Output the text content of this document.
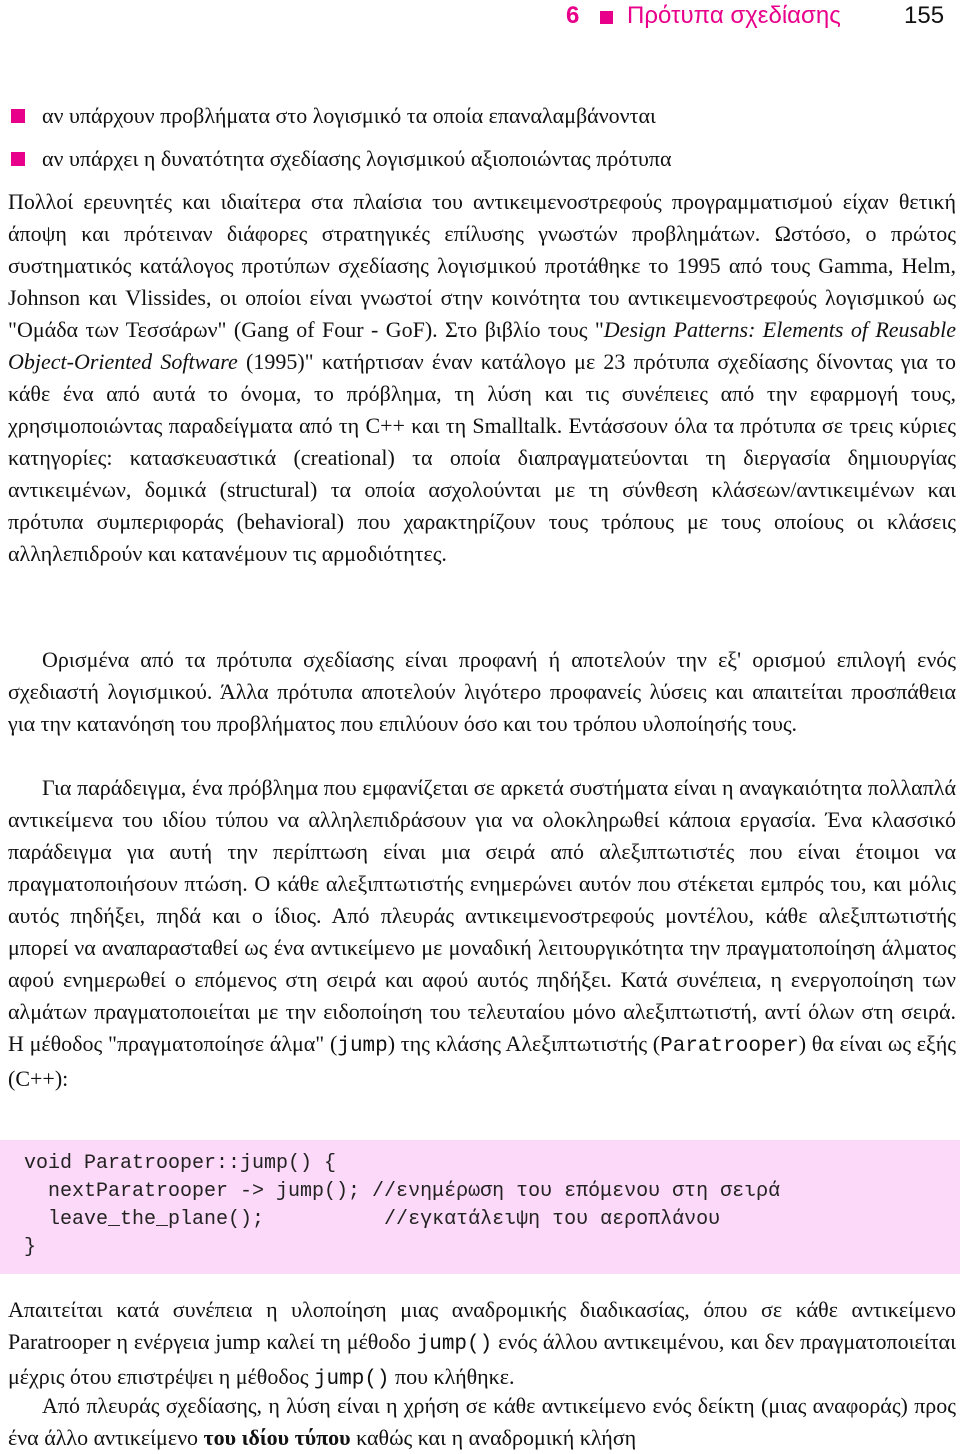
6 Πρότυπα σχεδίασης	155
αν υπάρχουν προβλήματα στο λογισμικό τα οποία επαναλαμβάνονται
αν υπάρχει η δυνατότητα σχεδίασης λογισμικού αξιοποιώντας πρότυπα

Πολλοί ερευνητές και ιδιαίτερα στα πλαίσια του αντικειμενοστρεφούς προγραμματισμού είχαν θετική άποψη και πρότειναν διάφορες στρατηγικές επίλυσης γνωστών προβλημάτων. Ωστόσο, ο πρώτος συστηματικός κατάλογος προτύπων σχεδίασης λογισμικού προτάθηκε το 1995 από τους Gamma, Helm, Johnson και Vlissides, οι οποίοι είναι γνωστοί στην κοινότητα του αντικειμενοστρεφούς λογισμικού ως "Ομάδα των Τεσσάρων" (Gang of Four - GoF). Στο βιβλίο τους "Design Patterns: Elements of Reusable Object-Oriented Software (1995)" κατήρτισαν έναν κατάλογο με 23 πρότυπα σχεδίασης δίνοντας για το κάθε ένα από αυτά το όνομα, το πρόβλημα, τη λύση και τις συνέπειες από την εφαρμογή τους, χρησιμοποιώντας παραδείγματα από τη C++ και τη Smalltalk. Εντάσσουν όλα τα πρότυπα σε τρεις κύριες κατηγορίες: κατασκευαστικά (creational) τα οποία διαπραγματεύονται τη διεργασία δημιουργίας αντικειμένων, δομικά (structural) τα οποία ασχολούνται με τη σύνθεση κλάσεων/αντικειμένων και πρότυπα συμπεριφοράς (behavioral) που χαρακτηρίζουν τους τρόπους με τους οποίους οι κλάσεις αλληλεπιδρούν και κατανέμουν τις αρμοδιότητες.

Ορισμένα από τα πρότυπα σχεδίασης είναι προφανή ή αποτελούν την εξ' ορισμού επιλογή ενός σχεδιαστή λογισμικού. Άλλα πρότυπα αποτελούν λιγότερο προφανείς λύσεις και απαιτείται προσπάθεια για την κατανόηση του προβλήματος που επιλύουν όσο και του τρόπου υλοποίησής τους.

Για παράδειγμα, ένα πρόβλημα που εμφανίζεται σε αρκετά συστήματα είναι η αναγκαιότητα πολλαπλά αντικείμενα του ιδίου τύπου να αλληλεπιδράσουν για να ολοκληρωθεί κάποια εργασία. Ένα κλασσικό παράδειγμα για αυτή την περίπτωση είναι μια σειρά από αλεξιπτωτιστές που είναι έτοιμοι να πραγματοποιήσουν πτώση. Ο κάθε αλεξιπτωτιστής ενημερώνει αυτόν που στέκεται εμπρός του, και μόλις αυτός πηδήξει, πηδά και ο ίδιος. Από πλευράς αντικειμενοστρεφούς μοντέλου, κάθε αλεξιπτωτιστής μπορεί να αναπαρασταθεί ως ένα αντικείμενο με μοναδική λειτουργικότητα την πραγματοποίηση άλματος αφού ενημερωθεί ο επόμενος στη σειρά και αφού αυτός πηδήξει. Κατά συνέπεια, η ενεργοποίηση των αλμάτων πραγματοποιείται με την ειδοποίηση του τελευταίου μόνο αλεξιπτωτιστή, αντί όλων στη σειρά. Η μέθοδος "πραγματοποίησε άλμα" (jump) της κλάσης Αλεξιπτωτιστής (Paratrooper) θα είναι ως εξής (C++):

void Paratrooper::jump() {
nextParatrooper -> jump(); //ενημέρωση του επόμενου στη σειρά
leave_the_plane();          //εγκατάλειψη του αεροπλάνου
}

Απαιτείται κατά συνέπεια η υλοποίηση μιας αναδρομικής διαδικασίας, όπου σε κάθε αντικείμενο Paratrooper η ενέργεια jump καλεί τη μέθοδο jump() ενός άλλου αντικειμένου, και δεν πραγματοποιείται μέχρις ότου επιστρέψει η μέθοδος jump() που κλήθηκε.

Από πλευράς σχεδίασης, η λύση είναι η χρήση σε κάθε αντικείμενο ενός δείκτη (μιας αναφοράς) προς ένα άλλο αντικείμενο του ιδίου τύπου καθώς και η αναδρομική κλήση
